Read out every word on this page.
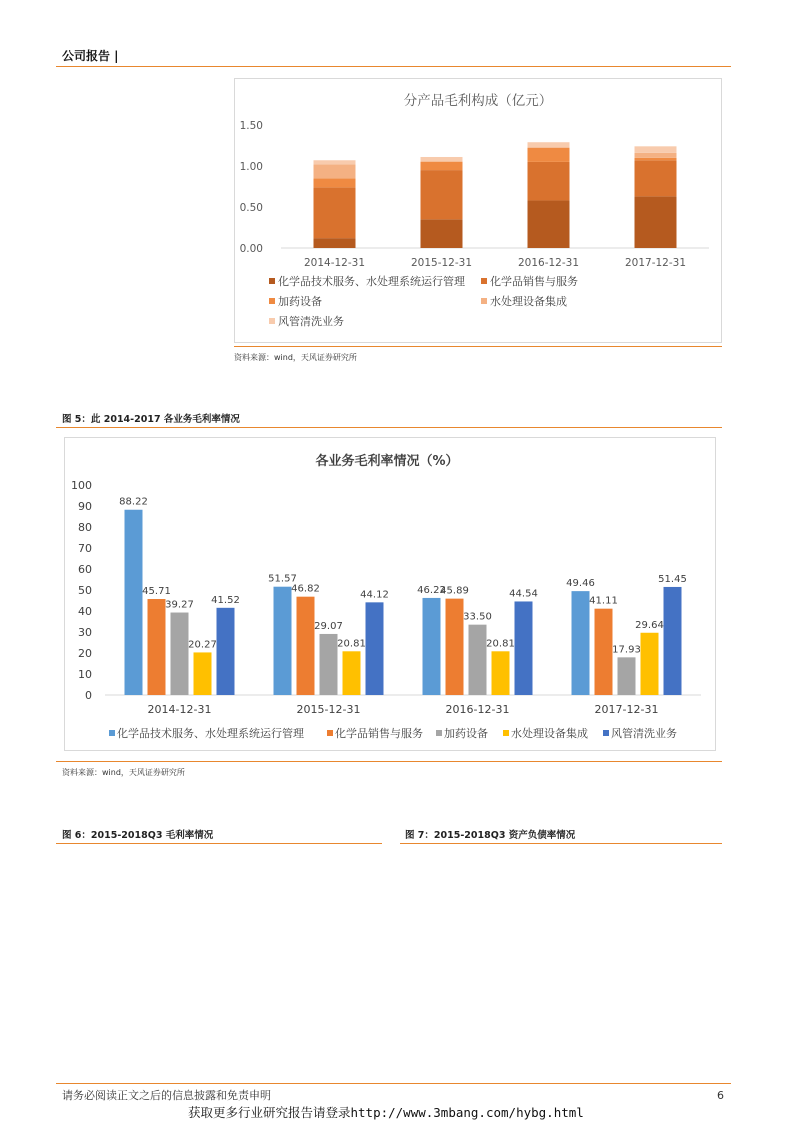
公司报告 |
分产品毛利构成（亿元）
0.00
0.50
1.00
1.50
2014-12-31	2015-12-31	2016-12-31	2017-12-31
化学品技术服务、水处理系统运行管理 化学品销售与服务
加药设备	水处理设备集成
风管清洗业务
资料来源：wind，天风证券研究所
图 5：此 2014-2017 各业务毛利率情况
各业务毛利率情况（%）
0
10
20
30
40
50
60
70
80
90
100
2014-12-31	2015-12-31	2016-12-31	2017-12-31
88.22
45.71
39.27
20.27
41.52
51.57
46.82
29.07
20.81
44.12	46.22
45.89
33.50
20.81
44.54
49.46
41.11
17.93
29.64
51.45
化学品技术服务、水处理系统运行管理	化学品销售与服务 加药设备 水处理设备集成 风管清洗业务
资料来源：wind，天风证券研究所
图 6：2015-2018Q3 毛利率情况	图 7：2015-2018Q3 资产负债率情况
请务必阅读正文之后的信息披露和免责申明	6
获取更多行业研究报告请登录http://www.3mbang.com/hybg.html
